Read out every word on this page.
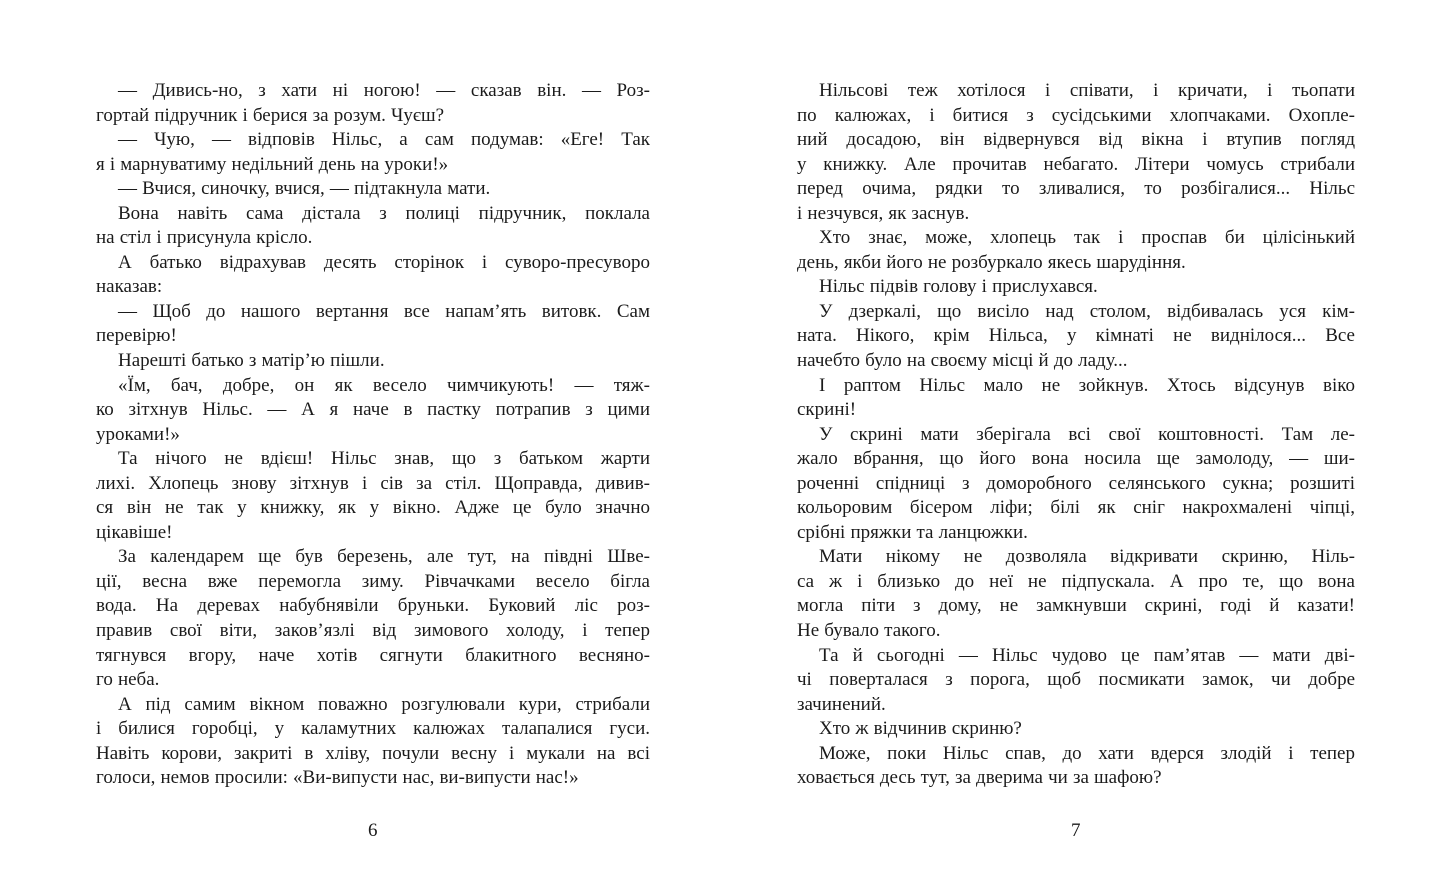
— Дивись-но, з хати ні ногою! — сказав він. — Роз-
гортай підручник і берися за розум. Чуєш?
— Чую, — відповів Нільс, а сам подумав: «Еге! Так
я і марнуватиму недільний день на уроки!»
— Вчися, синочку, вчися, — підтакнула мати.
Вона навіть сама дістала з полиці підручник, поклала
на стіл і присунула крісло.
А батько відрахував десять сторінок і суворо-пресуворо
наказав:
— Щоб до нашого вертання все напам’ять витовк. Сам
перевірю!
Нарешті батько з матір’ю пішли.
«Їм, бач, добре, он як весело чимчикують! — тяж-
ко зітхнув Нільс. — А я наче в пастку потрапив з цими
уроками!»
Та нічого не вдієш! Нільс знав, що з батьком жарти
лихі. Хлопець знову зітхнув і сів за стіл. Щоправда, дивив-
ся він не так у книжку, як у вікно. Адже це було значно
цікавіше!
За календарем ще був березень, але тут, на півдні Шве-
ції, весна вже перемогла зиму. Рівчачками весело бігла
вода. На деревах набубнявіли бруньки. Буковий ліс роз-
правив свої віти, заков’язлі від зимового холоду, і тепер
тягнувся вгору, наче хотів сягнути блакитного весняно-
го неба.
А під самим вікном поважно розгулювали кури, стрибали
і билися горобці, у каламутних калюжах талапалися гуси.
Навіть корови, закриті в хліву, почули весну і мукали на всі
голоси, немов просили: «Ви-випусти нас, ви-випусти нас!»
6
Нільсові теж хотілося і співати, і кричати, і тьопати
по калюжах, і битися з сусідськими хлопчаками. Охопле-
ний досадою, він відвернувся від вікна і втупив погляд
у книжку. Але прочитав небагато. Літери чомусь стрибали
перед очима, рядки то зливалися, то розбігалися... Нільс
і незчувся, як заснув.
Хто знає, може, хлопець так і проспав би цілісінький
день, якби його не розбуркало якесь шарудіння.
Нільс підвів голову і прислухався.
У дзеркалі, що висіло над столом, відбивалась уся кім-
ната. Нікого, крім Нільса, у кімнаті не виднілося... Все
начебто було на своєму місці й до ладу...
І раптом Нільс мало не зойкнув. Хтось відсунув віко
скрині!
У скрині мати зберігала всі свої коштовності. Там ле-
жало вбрання, що його вона носила ще замолоду, — ши-
роченні спідниці з доморобного селянського сукна; розшиті
кольоровим бісером ліфи; білі як сніг накрохмалені чіпці,
срібні пряжки та ланцюжки.
Мати нікому не дозволяла відкривати скриню, Ніль-
са ж і близько до неї не підпускала. А про те, що вона
могла піти з дому, не замкнувши скрині, годі й казати!
Не бувало такого.
Та й сьогодні — Нільс чудово це пам’ятав — мати дві-
чі поверталася з порога, щоб посмикати замок, чи добре
зачинений.
Хто ж відчинив скриню?
Може, поки Нільс спав, до хати вдерся злодій і тепер
ховається десь тут, за дверима чи за шафою?
7
